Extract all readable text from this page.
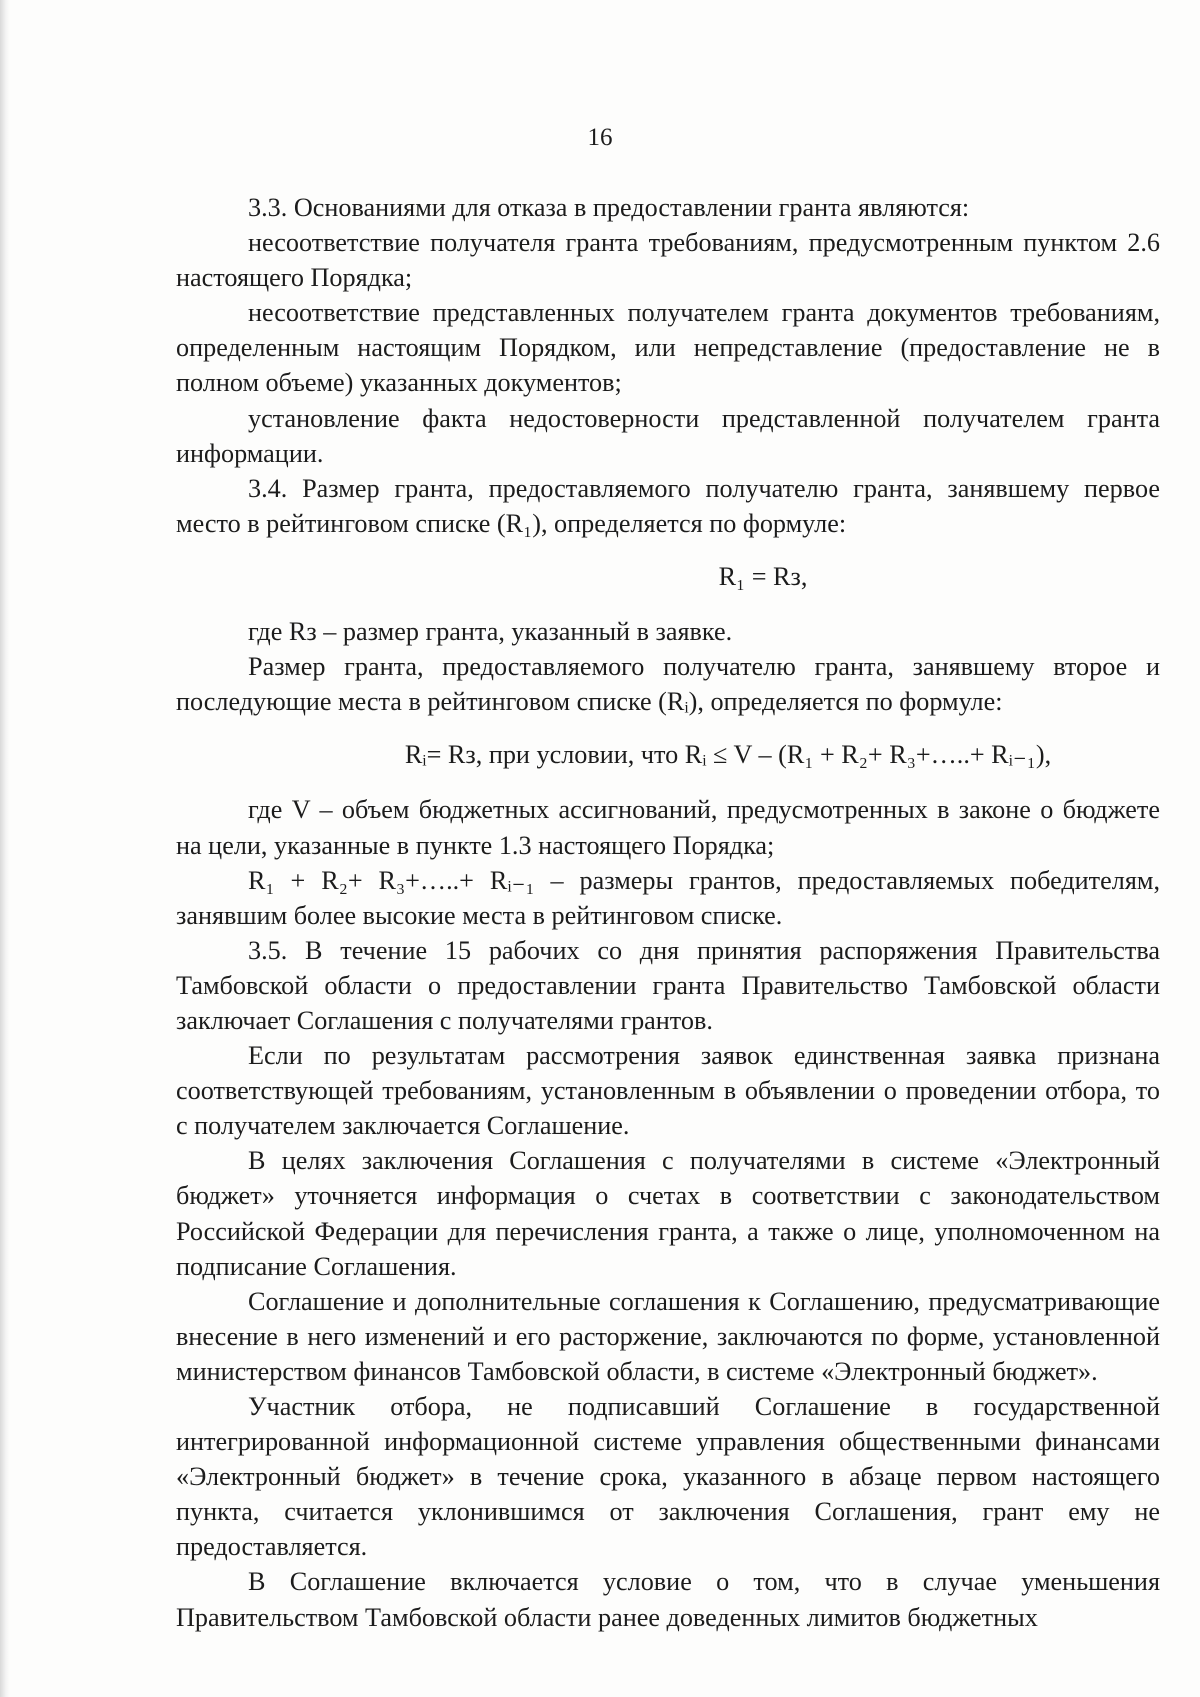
16

3.3. Основаниями для отказа в предоставлении гранта являются:

несоответствие получателя гранта требованиям, предусмотренным пунктом 2.6 настоящего Порядка;

несоответствие представленных получателем гранта документов требованиям, определенным настоящим Порядком, или непредставление (предоставление не в полном объеме) указанных документов;

установление факта недостоверности представленной получателем гранта информации.

3.4. Размер гранта, предоставляемого получателю гранта, занявшему первое место в рейтинговом списке (R₁), определяется по формуле:

R₁ = Rз,

где Rз – размер гранта, указанный в заявке.

Размер гранта, предоставляемого получателю гранта, занявшему второе и последующие места в рейтинговом списке (Rᵢ), определяется по формуле:

Rᵢ= Rз, при условии, что Rᵢ ≤ V – (R₁ + R₂+ R₃+…..+ Rᵢ₋₁),

где V – объем бюджетных ассигнований, предусмотренных в законе о бюджете на цели, указанные в пункте 1.3 настоящего Порядка;

R₁ + R₂+ R₃+…..+ Rᵢ₋₁ – размеры грантов, предоставляемых победителям, занявшим более высокие места в рейтинговом списке.

3.5. В течение 15 рабочих со дня принятия распоряжения Правительства Тамбовской области о предоставлении гранта Правительство Тамбовской области заключает Соглашения с получателями грантов.

Если по результатам рассмотрения заявок единственная заявка признана соответствующей требованиям, установленным в объявлении о проведении отбора, то с получателем заключается Соглашение.

В целях заключения Соглашения с получателями в системе «Электронный бюджет» уточняется информация о счетах в соответствии с законодательством Российской Федерации для перечисления гранта, а также о лице, уполномоченном на подписание Соглашения.

Соглашение и дополнительные соглашения к Соглашению, предусматривающие внесение в него изменений и его расторжение, заключаются по форме, установленной министерством финансов Тамбовской области, в системе «Электронный бюджет».

Участник отбора, не подписавший Соглашение в государственной интегрированной информационной системе управления общественными финансами «Электронный бюджет» в течение срока, указанного в абзаце первом настоящего пункта, считается уклонившимся от заключения Соглашения, грант ему не предоставляется.

В Соглашение включается условие о том, что в случае уменьшения Правительством Тамбовской области ранее доведенных лимитов бюджетных
